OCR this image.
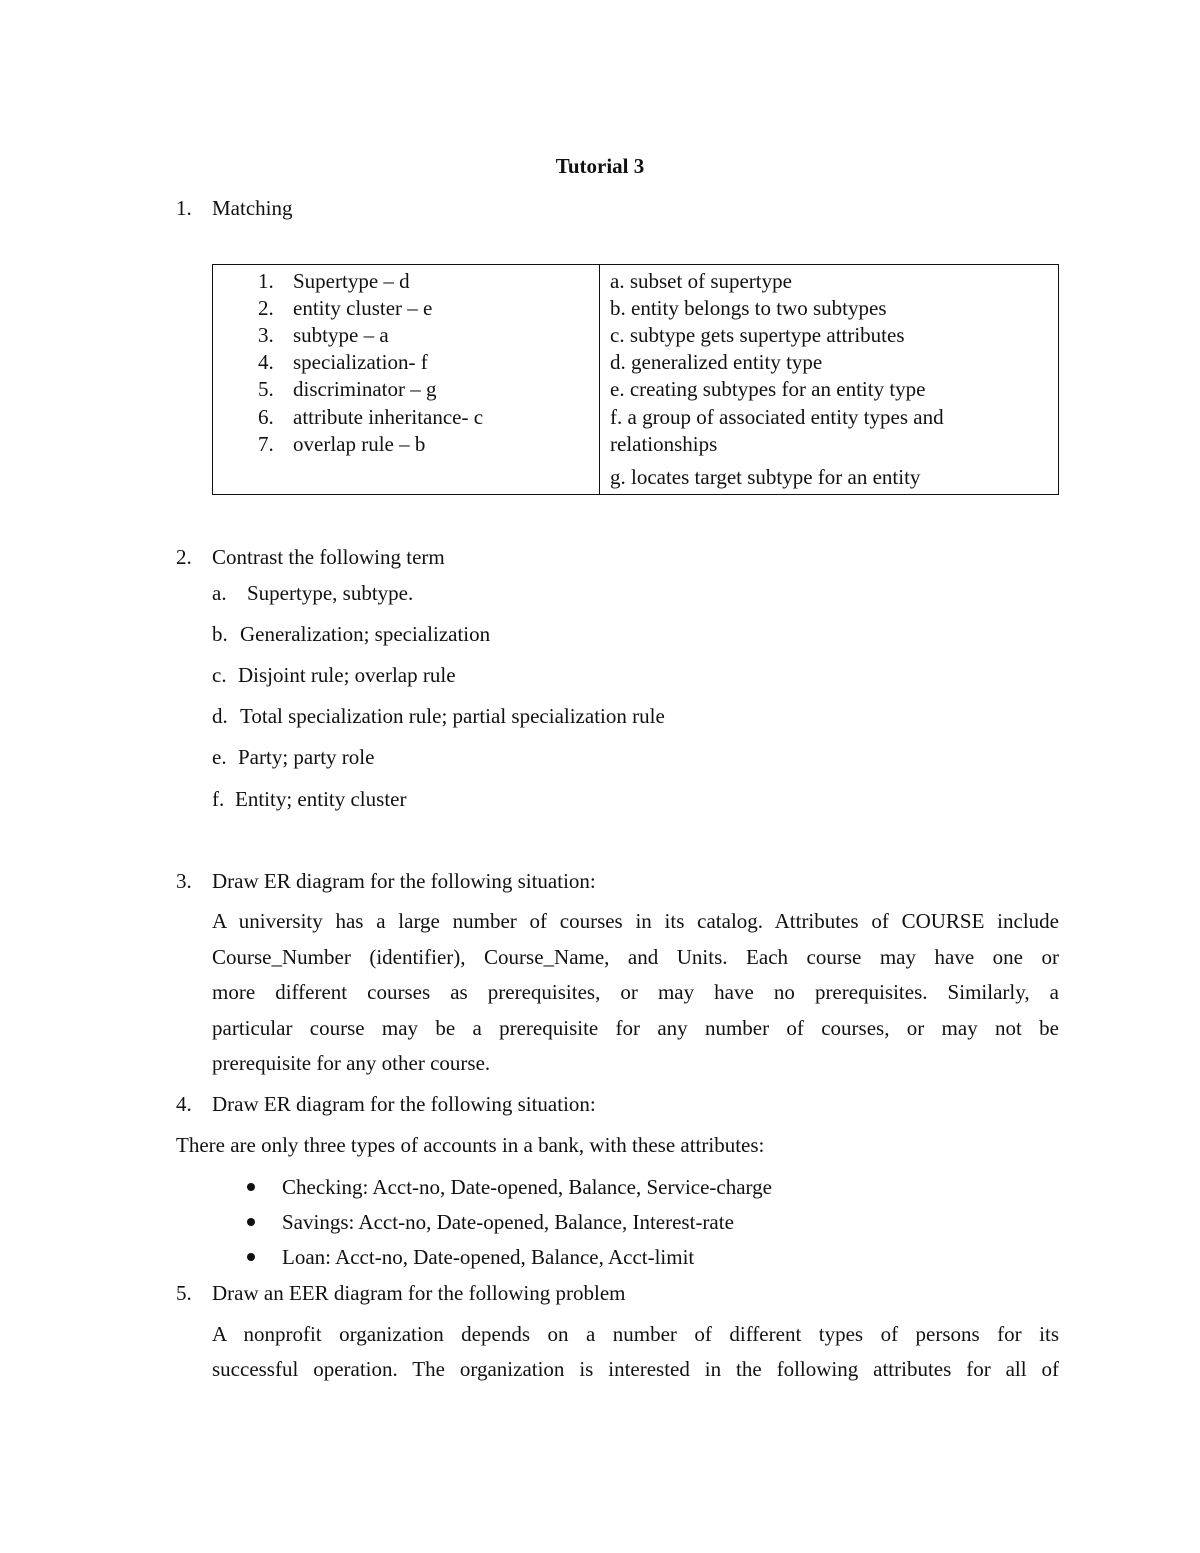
Tutorial 3
1. Matching
1. Supertype – d
2. entity cluster – e
3. subtype – a
4. specialization- f
5. discriminator – g
6. attribute inheritance- c
7. overlap rule – b
a. subset of supertype
b. entity belongs to two subtypes
c. subtype gets supertype attributes
d. generalized entity type
e. creating subtypes for an entity type
f. a group of associated entity types and
relationships
g. locates target subtype for an entity
2. Contrast the following term
a. Supertype, subtype.
b. Generalization; specialization
c. Disjoint rule; overlap rule
d. Total specialization rule; partial specialization rule
e. Party; party role
f. Entity; entity cluster
3. Draw ER diagram for the following situation:
A university has a large number of courses in its catalog. Attributes of COURSE include
Course_Number (identifier), Course_Name, and Units. Each course may have one or
more different courses as prerequisites, or may have no prerequisites. Similarly, a
particular course may be a prerequisite for any number of courses, or may not be
prerequisite for any other course.
4. Draw ER diagram for the following situation:
There are only three types of accounts in a bank, with these attributes:
Checking: Acct-no, Date-opened, Balance, Service-charge
Savings: Acct-no, Date-opened, Balance, Interest-rate
Loan: Acct-no, Date-opened, Balance, Acct-limit
5. Draw an EER diagram for the following problem
A nonprofit organization depends on a number of different types of persons for its
successful operation. The organization is interested in the following attributes for all of
